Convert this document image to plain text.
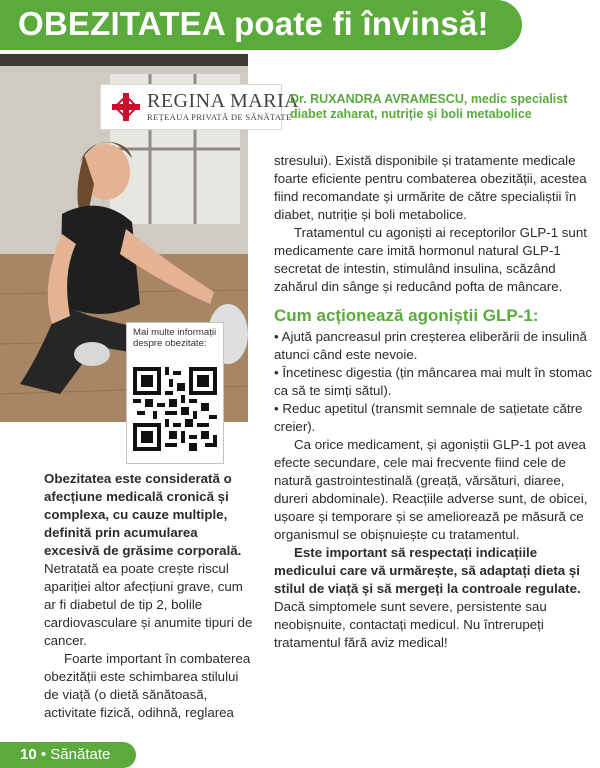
OBEZITATEA poate fi învinsă!
REGINA MARIA
REȚEAUA PRIVATĂ DE SĂNĂTATE
Dr. RUXANDRA AVRAMESCU, medic specialist
diabet zaharat, nutriție și boli metabolice
Mai multe informații despre obezitate:

stresului). Există disponibile și tratamente medicale foarte eficiente pentru combaterea obezității, acestea fiind recomandate și urmărite de către specialiștii în diabet, nutriție și boli metabolice.

Tratamentul cu agoniști ai receptorilor GLP-1 sunt medicamente care imită hormonul natural GLP-1 secretat de intestin, stimulând insulina, scăzând zahărul din sânge și reducând pofta de mâncare.

Cum acționează agoniștii GLP-1:

• Ajută pancreasul prin creșterea eliberării de insulină atunci când este nevoie.

• Încetinesc digestia (țin mâncarea mai mult în stomac ca să te simți sătul).

• Reduc apetitul (transmit semnale de sațietate către creier).

Ca orice medicament, și agoniștii GLP-1 pot avea efecte secundare, cele mai frecvente fiind cele de natură gastrointestinală (greață, vărsături, diaree, dureri abdominale). Reacțiile adverse sunt, de obicei, ușoare și temporare și se ameliorează pe măsură ce organismul se obișnuiește cu tratamentul.

Este important să respectați indicațiile medicului care vă urmărește, să adaptați dieta și stilul de viață și să mergeți la controale regulate. Dacă simptomele sunt severe, persistente sau neobișnuite, contactați medicul. Nu întrerupeți tratamentul fără aviz medical!

Obezitatea este considerată o afecțiune medicală cronică și complexa, cu cauze multiple, definită prin acumularea excesivă de grăsime corporală. Netratată ea poate crește riscul apariției altor afecțiuni grave, cum ar fi diabetul de tip 2, bolile cardiovasculare și anumite tipuri de cancer.

Foarte important în combaterea obezității este schimbarea stilului de viață (o dietă sănătoasă, activitate fizică, odihnă, reglarea

10 • Sănătate
